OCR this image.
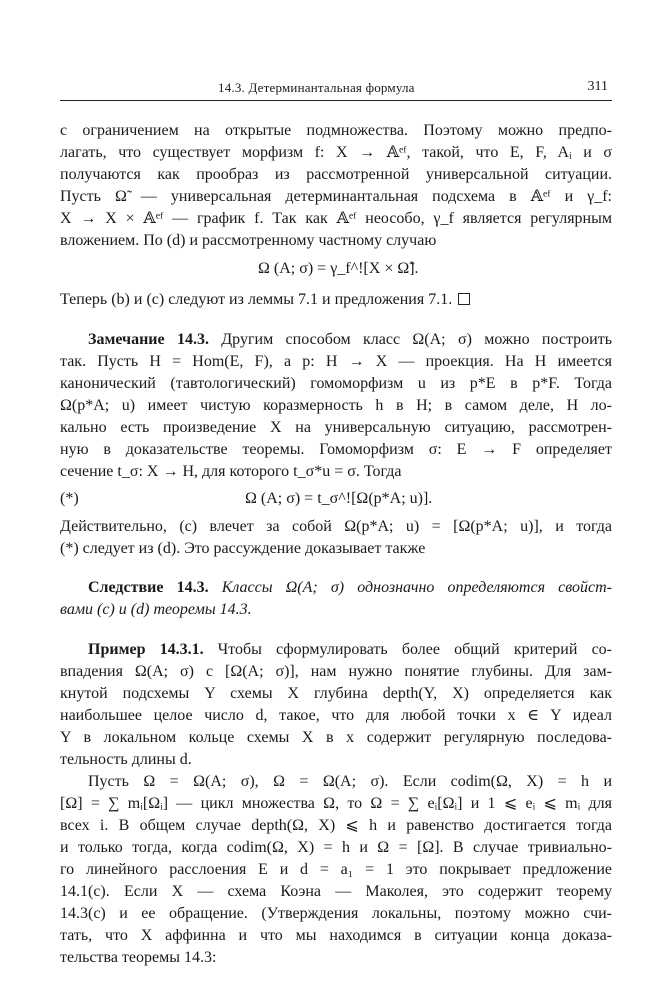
14.3. Детерминантальная формула	311
с ограничением на открытые подмножества. Поэтому можно предпо-
лагать, что существует морфизм f: X → 𝔸ᵉᶠ, такой, что E, F, Aᵢ и σ
получаются как прообраз из рассмотренной универсальной ситуации.
Пусть Ω̃ — универсальная детерминантальная подсхема в 𝔸ᵉᶠ и γ_f:
X → X × 𝔸ᵉᶠ — график f. Так как 𝔸ᵉᶠ неособо, γ_f является регулярным
вложением. По (d) и рассмотренному частному случаю
Ω (A; σ) = γ_f^![X × Ω̃].
Теперь (b) и (c) следуют из леммы 7.1 и предложения 7.1.
Замечание 14.3. Другим способом класс Ω(A; σ) можно построить
так. Пусть H = Hom(E, F), а p: H → X — проекция. На H имеется
канонический (тавтологический) гомоморфизм u из p*E в p*F. Тогда
Ω(p*A; u) имеет чистую коразмерность h в H; в самом деле, H ло-
кально есть произведение X на универсальную ситуацию, рассмотрен-
ную в доказательстве теоремы. Гомоморфизм σ: E → F определяет
сечение t_σ: X → H, для которого t_σ*u = σ. Тогда
(*)	Ω (A; σ) = t_σ^![Ω(p*A; u)].
Действительно, (c) влечет за собой Ω(p*A; u) = [Ω(p*A; u)], и тогда
(*) следует из (d). Это рассуждение доказывает также
Следствие 14.3. Классы Ω(A; σ) однозначно определяются свойст-
вами (c) и (d) теоремы 14.3.
Пример 14.3.1. Чтобы сформулировать более общий критерий со-
впадения Ω(A; σ) с [Ω(A; σ)], нам нужно понятие глубины. Для зам-
кнутой подсхемы Y схемы X глубина depth(Y, X) определяется как
наибольшее целое число d, такое, что для любой точки x ∈ Y идеал
Y в локальном кольце схемы X в x содержит регулярную последова-
тельность длины d.
Пусть Ω = Ω(A; σ), Ω = Ω(A; σ). Если codim(Ω, X) = h и
[Ω] = ∑ mᵢ[Ωᵢ] — цикл множества Ω, то Ω = ∑ eᵢ[Ωᵢ] и 1 ⩽ eᵢ ⩽ mᵢ для
всех i. В общем случае depth(Ω, X) ⩽ h и равенство достигается тогда
и только тогда, когда codim(Ω, X) = h и Ω = [Ω]. В случае тривиально-
го линейного расслоения E и d = a₁ = 1 это покрывает предложение
14.1(c). Если X — схема Коэна — Маколея, это содержит теорему
14.3(c) и ее обращение. (Утверждения локальны, поэтому можно счи-
тать, что X аффинна и что мы находимся в ситуации конца доказа-
тельства теоремы 14.3:
